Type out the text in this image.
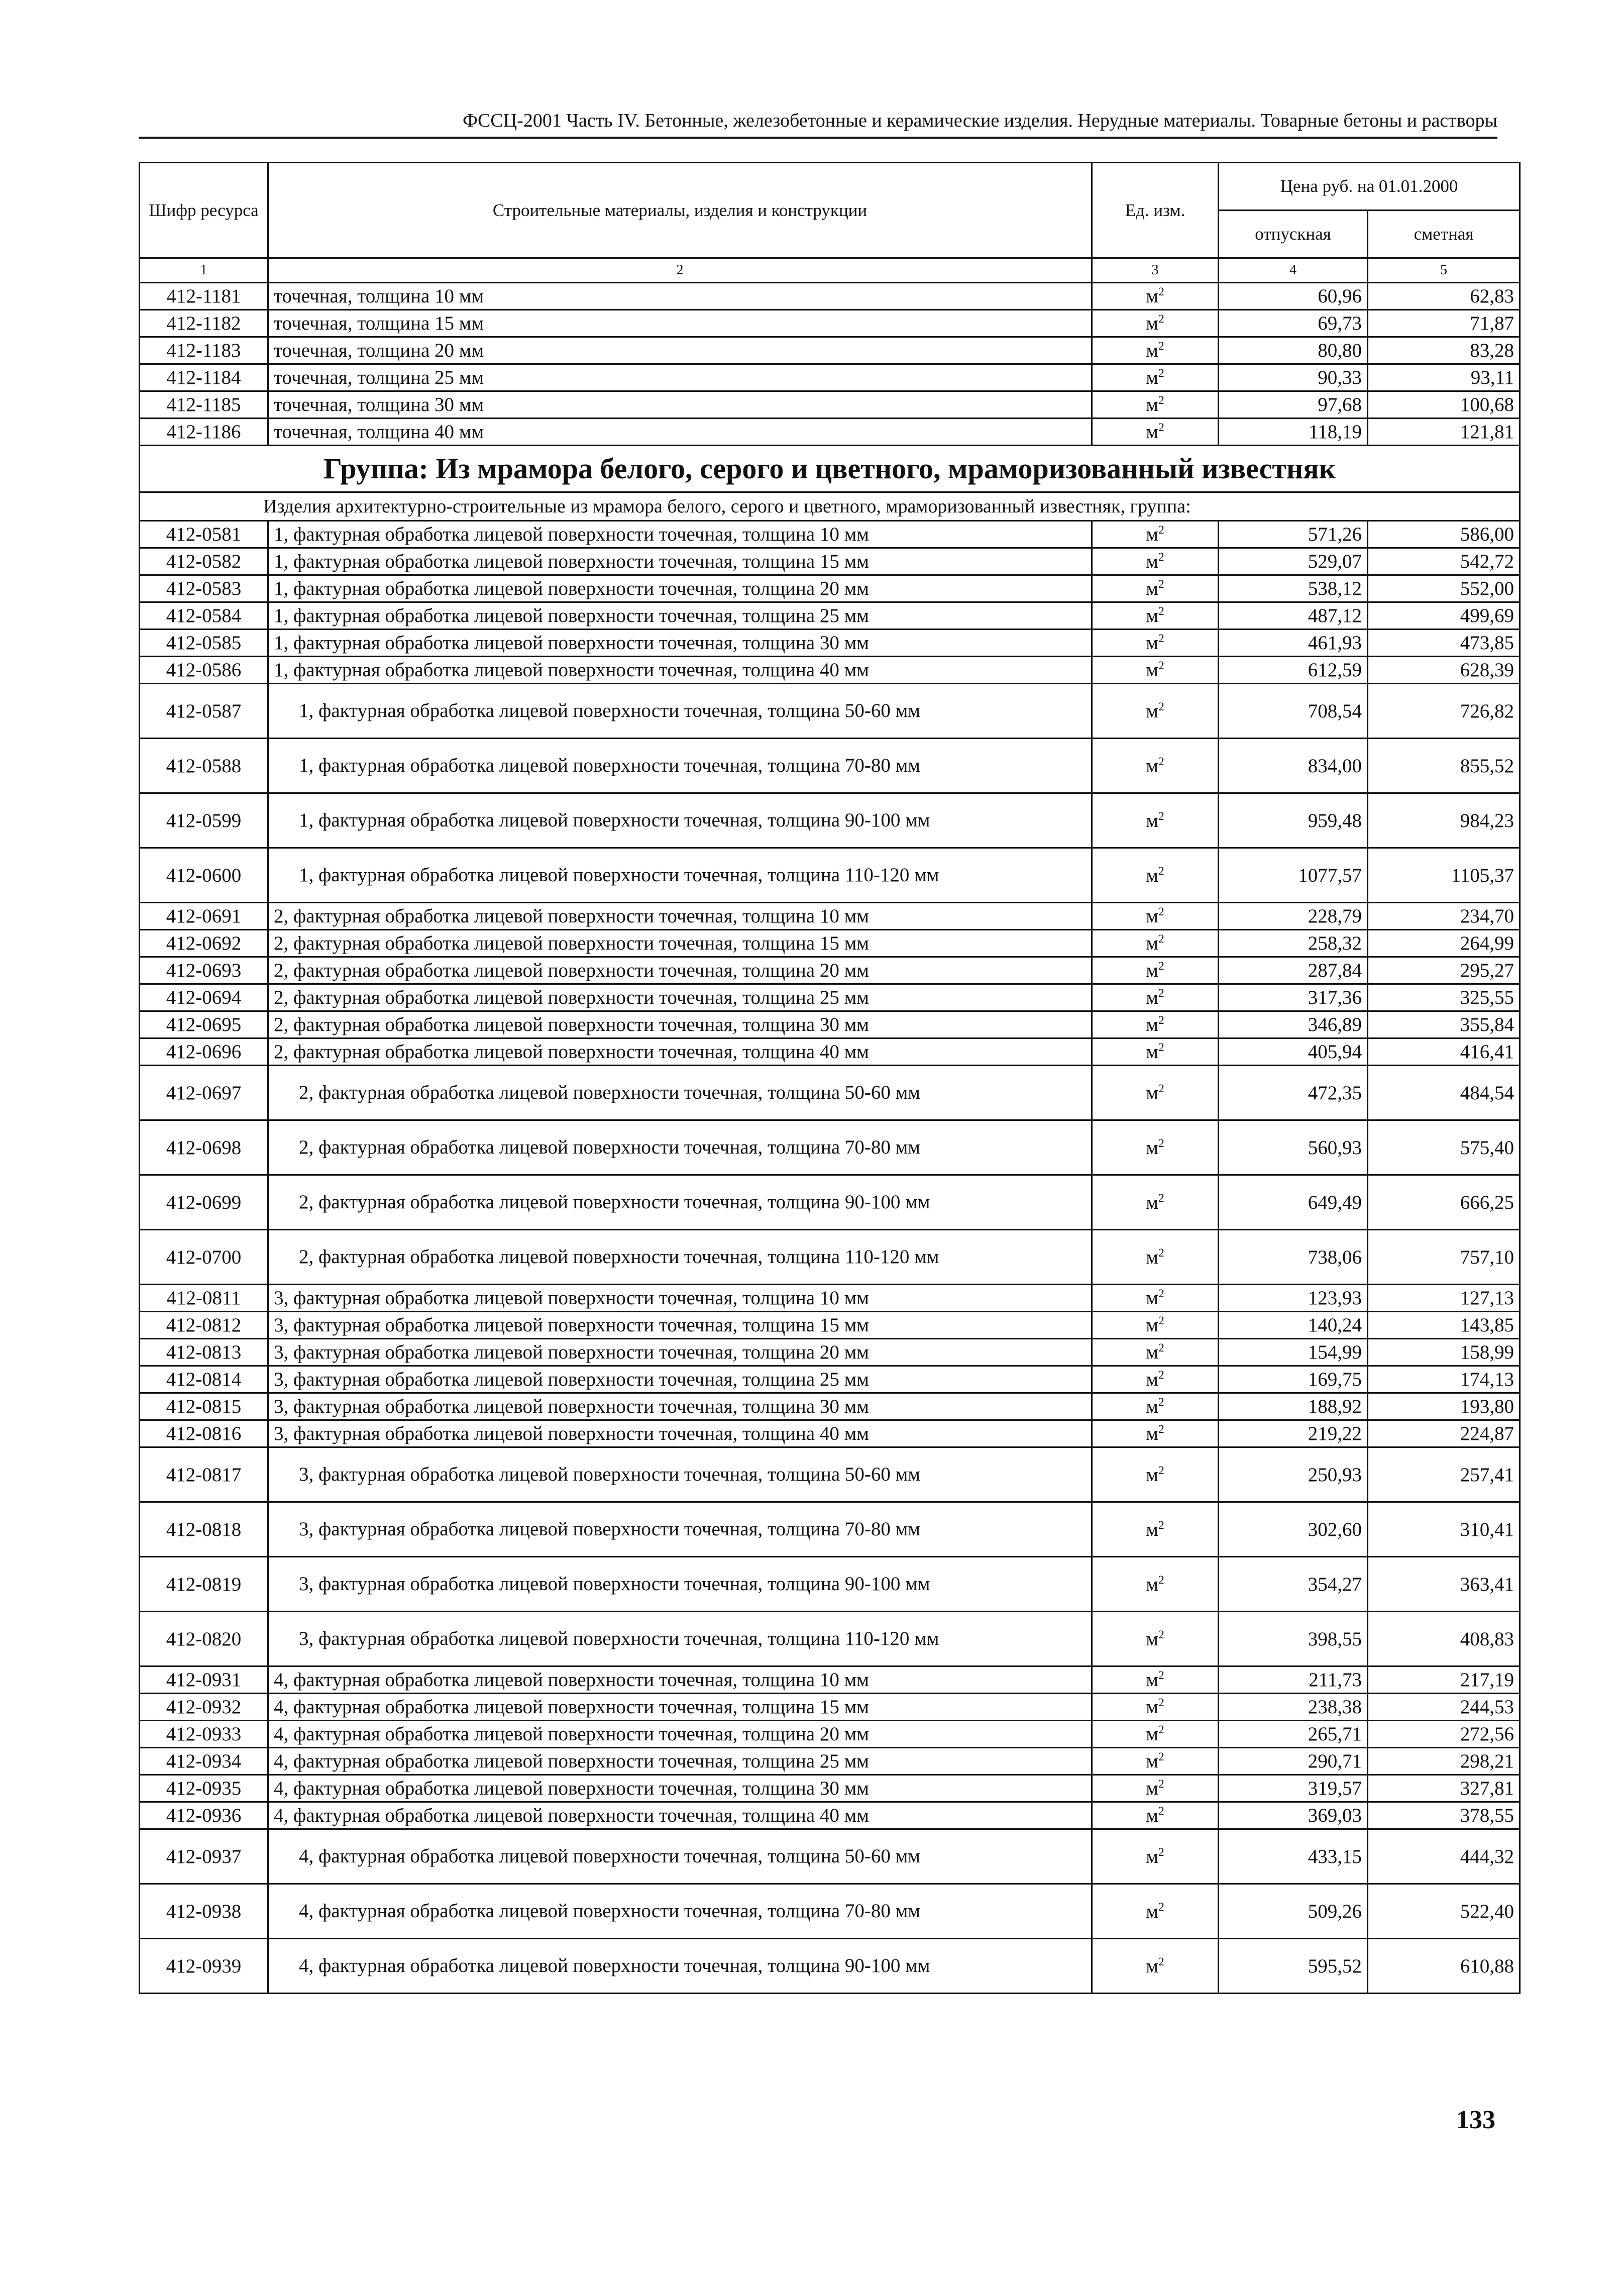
ФССЦ-2001 Часть IV. Бетонные, железобетонные и керамические изделия. Нерудные материалы. Товарные бетоны и растворы
Шифр ресурса	Строительные материалы, изделия и конструкции	Ед. изм.	Цена руб. на 01.01.2000	
			отпускная	сметная
1	2	3	4	5
412-1181	точечная, толщина 10 мм	$м^2$	60,96	62,83
412-1182	точечная, толщина 15 мм	$м^2$	69,73	71,87
412-1183	точечная, толщина 20 мм	$м^2$	80,80	83,28
412-1184	точечная, толщина 25 мм	$м^2$	90,33	93,11
412-1185	точечная, толщина 30 мм	$м^2$	97,68	100,68
412-1186	точечная, толщина 40 мм	$м^2$	118,19	121,81
Группа: Из мрамора белого, серого и цветного, мраморизованный известняк				
Изделия архитектурно-строительные из мрамора белого, серого и цветного, мраморизованный известняк, группа:				
412-0581	1, фактурная обработка лицевой поверхности точечная, толщина 10 мм	$м^2$	571,26	586,00
412-0582	1, фактурная обработка лицевой поверхности точечная, толщина 15 мм	$м^2$	529,07	542,72
412-0583	1, фактурная обработка лицевой поверхности точечная, толщина 20 мм	$м^2$	538,12	552,00
412-0584	1, фактурная обработка лицевой поверхности точечная, толщина 25 мм	$м^2$	487,12	499,69
412-0585	1, фактурная обработка лицевой поверхности точечная, толщина 30 мм	$м^2$	461,93	473,85
412-0586	1, фактурная обработка лицевой поверхности точечная, толщина 40 мм	$м^2$	612,59	628,39
412-0587	1, фактурная обработка лицевой поверхности точечная, толщина 50-60 мм	$м^2$	708,54	726,82
412-0588	1, фактурная обработка лицевой поверхности точечная, толщина 70-80 мм	$м^2$	834,00	855,52
412-0599	1, фактурная обработка лицевой поверхности точечная, толщина 90-100 мм	$м^2$	959,48	984,23
412-0600	1, фактурная обработка лицевой поверхности точечная, толщина 110-120 мм	$м^2$	1077,57	1105,37
412-0691	2, фактурная обработка лицевой поверхности точечная, толщина 10 мм	$м^2$	228,79	234,70
412-0692	2, фактурная обработка лицевой поверхности точечная, толщина 15 мм	$м^2$	258,32	264,99
412-0693	2, фактурная обработка лицевой поверхности точечная, толщина 20 мм	$м^2$	287,84	295,27
412-0694	2, фактурная обработка лицевой поверхности точечная, толщина 25 мм	$м^2$	317,36	325,55
412-0695	2, фактурная обработка лицевой поверхности точечная, толщина 30 мм	$м^2$	346,89	355,84
412-0696	2, фактурная обработка лицевой поверхности точечная, толщина 40 мм	$м^2$	405,94	416,41
412-0697	2, фактурная обработка лицевой поверхности точечная, толщина 50-60 мм	$м^2$	472,35	484,54
412-0698	2, фактурная обработка лицевой поверхности точечная, толщина 70-80 мм	$м^2$	560,93	575,40
412-0699	2, фактурная обработка лицевой поверхности точечная, толщина 90-100 мм	$м^2$	649,49	666,25
412-0700	2, фактурная обработка лицевой поверхности точечная, толщина 110-120 мм	$м^2$	738,06	757,10
412-0811	3, фактурная обработка лицевой поверхности точечная, толщина 10 мм	$м^2$	123,93	127,13
412-0812	3, фактурная обработка лицевой поверхности точечная, толщина 15 мм	$м^2$	140,24	143,85
412-0813	3, фактурная обработка лицевой поверхности точечная, толщина 20 мм	$м^2$	154,99	158,99
412-0814	3, фактурная обработка лицевой поверхности точечная, толщина 25 мм	$м^2$	169,75	174,13
412-0815	3, фактурная обработка лицевой поверхности точечная, толщина 30 мм	$м^2$	188,92	193,80
412-0816	3, фактурная обработка лицевой поверхности точечная, толщина 40 мм	$м^2$	219,22	224,87
412-0817	3, фактурная обработка лицевой поверхности точечная, толщина 50-60 мм	$м^2$	250,93	257,41
412-0818	3, фактурная обработка лицевой поверхности точечная, толщина 70-80 мм	$м^2$	302,60	310,41
412-0819	3, фактурная обработка лицевой поверхности точечная, толщина 90-100 мм	$м^2$	354,27	363,41
412-0820	3, фактурная обработка лицевой поверхности точечная, толщина 110-120 мм	$м^2$	398,55	408,83
412-0931	4, фактурная обработка лицевой поверхности точечная, толщина 10 мм	$м^2$	211,73	217,19
412-0932	4, фактурная обработка лицевой поверхности точечная, толщина 15 мм	$м^2$	238,38	244,53
412-0933	4, фактурная обработка лицевой поверхности точечная, толщина 20 мм	$м^2$	265,71	272,56
412-0934	4, фактурная обработка лицевой поверхности точечная, толщина 25 мм	$м^2$	290,71	298,21
412-0935	4, фактурная обработка лицевой поверхности точечная, толщина 30 мм	$м^2$	319,57	327,81
412-0936	4, фактурная обработка лицевой поверхности точечная, толщина 40 мм	$м^2$	369,03	378,55
412-0937	4, фактурная обработка лицевой поверхности точечная, толщина 50-60 мм	$м^2$	433,15	444,32
412-0938	4, фактурная обработка лицевой поверхности точечная, толщина 70-80 мм	$м^2$	509,26	522,40
412-0939	4, фактурная обработка лицевой поверхности точечная, толщина 90-100 мм	$м^2$	595,52	610,88
133
